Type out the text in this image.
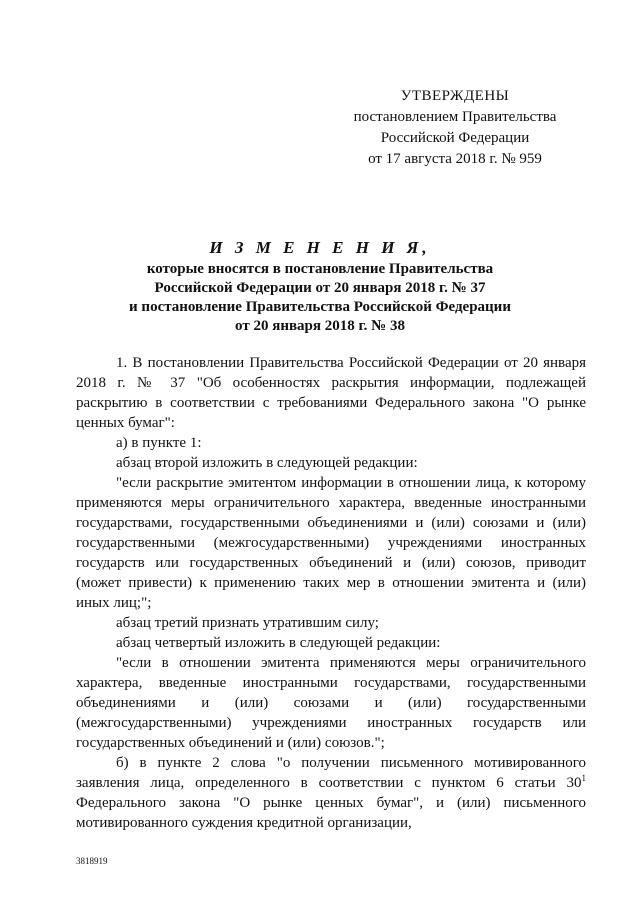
УТВЕРЖДЕНЫ
постановлением Правительства
Российской Федерации
от 17 августа 2018 г. № 959
И З М Е Н Е Н И Я,
которые вносятся в постановление Правительства
Российской Федерации от 20 января 2018 г. № 37
и постановление Правительства Российской Федерации
от 20 января 2018 г. № 38

1. В постановлении Правительства Российской Федерации от 20 января 2018 г. № 37 "Об особенностях раскрытия информации, подлежащей раскрытию в соответствии с требованиями Федерального закона "О рынке ценных бумаг":

а) в пункте 1:

абзац второй изложить в следующей редакции:

"если раскрытие эмитентом информации в отношении лица, к которому применяются меры ограничительного характера, введенные иностранными государствами, государственными объединениями и (или) союзами и (или) государственными (межгосударственными) учреждениями иностранных государств или государственных объединений и (или) союзов, приводит (может привести) к применению таких мер в отношении эмитента и (или) иных лиц;";

абзац третий признать утратившим силу;

абзац четвертый изложить в следующей редакции:

"если в отношении эмитента применяются меры ограничительного характера, введенные иностранными государствами, государственными объединениями и (или) союзами и (или) государственными (межгосударственными) учреждениями иностранных государств или государственных объединений и (или) союзов.";

б) в пункте 2 слова "о получении письменного мотивированного заявления лица, определенного в соответствии с пунктом 6 статьи $30^1$ Федерального закона "О рынке ценных бумаг", и (или) письменного мотивированного суждения кредитной организации,

3818919
